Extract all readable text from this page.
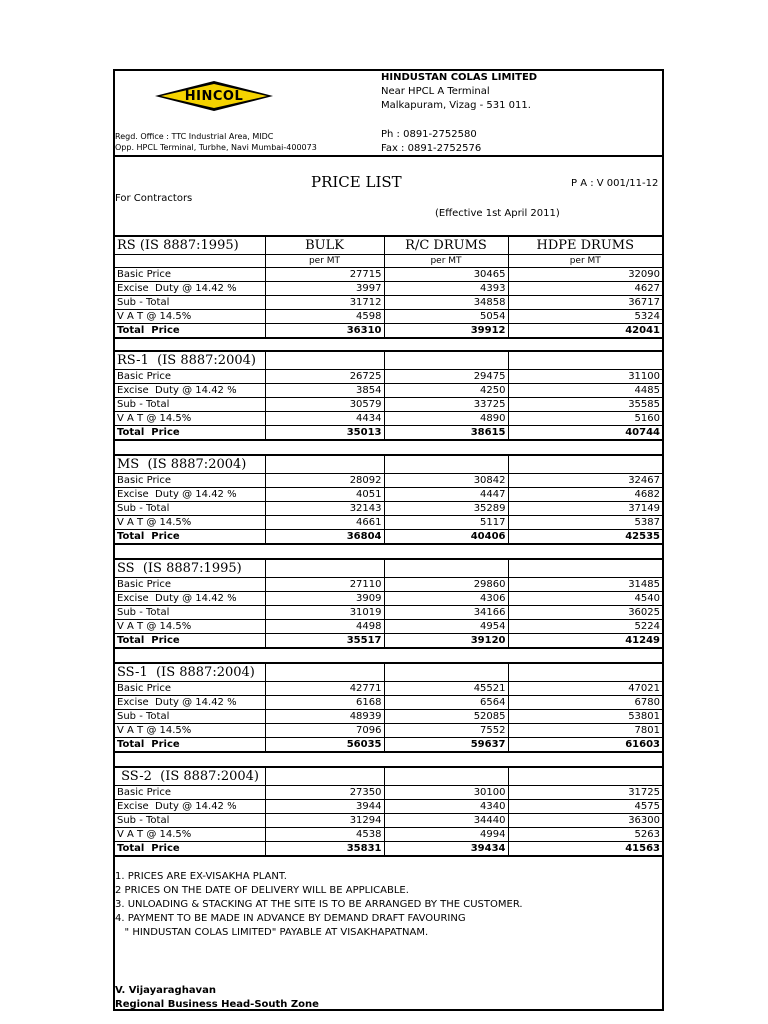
HINCOL
HINDUSTAN COLAS LIMITED
Near HPCL A Terminal
Malkapuram, Vizag - 531 011.
Regd. Office : TTC Industrial Area, MIDC
Opp. HPCL Terminal, Turbhe, Navi Mumbai-400073
Ph : 0891-2752580
Fax : 0891-2752576
PRICE LIST	P A : V 001/11-12
For Contractors
(Effective 1st April 2011)
RS (IS 8887:1995)	BULK	R/C DRUMS	HDPE DRUMS
	per MT	per MT	per MT
Basic Price	27715	30465	32090
Excise  Duty @ 14.42 %	3997	4393	4627
Sub - Total	31712	34858	36717
V A T @ 14.5%	4598	5054	5324
Total  Price	36310	39912	42041
RS-1  (IS 8887:2004)			
Basic Price	26725	29475	31100
Excise  Duty @ 14.42 %	3854	4250	4485
Sub - Total	30579	33725	35585
V A T @ 14.5%	4434	4890	5160
Total  Price	35013	38615	40744
MS  (IS 8887:2004)			
Basic Price	28092	30842	32467
Excise  Duty @ 14.42 %	4051	4447	4682
Sub - Total	32143	35289	37149
V A T @ 14.5%	4661	5117	5387
Total  Price	36804	40406	42535
SS  (IS 8887:1995)			
Basic Price	27110	29860	31485
Excise  Duty @ 14.42 %	3909	4306	4540
Sub - Total	31019	34166	36025
V A T @ 14.5%	4498	4954	5224
Total  Price	35517	39120	41249
SS-1  (IS 8887:2004)			
Basic Price	42771	45521	47021
Excise  Duty @ 14.42 %	6168	6564	6780
Sub - Total	48939	52085	53801
V A T @ 14.5%	7096	7552	7801
Total  Price	56035	59637	61603
SS-2  (IS 8887:2004)			
Basic Price	27350	30100	31725
Excise  Duty @ 14.42 %	3944	4340	4575
Sub - Total	31294	34440	36300
V A T @ 14.5%	4538	4994	5263
Total  Price	35831	39434	41563
1. PRICES ARE EX-VISAKHA PLANT.
2 PRICES ON THE DATE OF DELIVERY WILL BE APPLICABLE.
3. UNLOADING & STACKING AT THE SITE IS TO BE ARRANGED BY THE CUSTOMER.
4. PAYMENT TO BE MADE IN ADVANCE BY DEMAND DRAFT FAVOURING
" HINDUSTAN COLAS LIMITED" PAYABLE AT VISAKHAPATNAM.
V. Vijayaraghavan
Regional Business Head-South Zone
